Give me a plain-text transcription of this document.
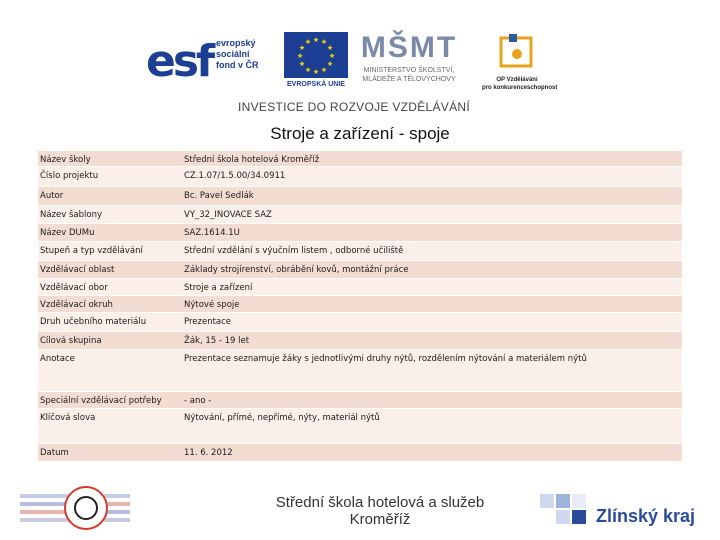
esf evropský
sociální
fond v ČR
★ ★
★
★
★
★
★
★
★
★
★
★
EVROPSKÁ UNIE
MŠMT
MINISTERSTVO ŠKOLSTVÍ,
MLÁDEŽE A TĚLOVÝCHOVY	OP Vzdělávání
pro konkurenceschopnost
INVESTICE DO ROZVOJE VZDĚLÁVÁNÍ
Stroje a zařízení - spoje
Název školy	Střední škola hotelová Kroměříž
Číslo projektu	CZ.1.07/1.5.00/34.0911
Autor	Bc. Pavel Sedlák
Název šablony	VY_32_INOVACE SAZ
Název DUMu	SAZ.1614.1U
Stupeň a typ vzdělávání	Střední vzdělání s výučním listem , odborné učiliště
Vzdělávací oblast	Základy strojírenství, obrábění kovů, montážní práce
Vzdělávací obor	Stroje a zařízení
Vzdělávací okruh	Nýtové spoje
Druh učebního materiálu	Prezentace
Cílová skupina	Žák, 15 - 19 let
Anotace	Prezentace seznamuje žáky s jednotlivými druhy nýtů, rozdělením nýtování a materiálem nýtů
Speciální vzdělávací potřeby	- ano -
Klíčová slova	Nýtování, přímé, nepřímé, nýty, materiál nýtů
Datum	11. 6. 2012
Střední škola hotelová a služeb
Kroměříž	Zlínský kraj
